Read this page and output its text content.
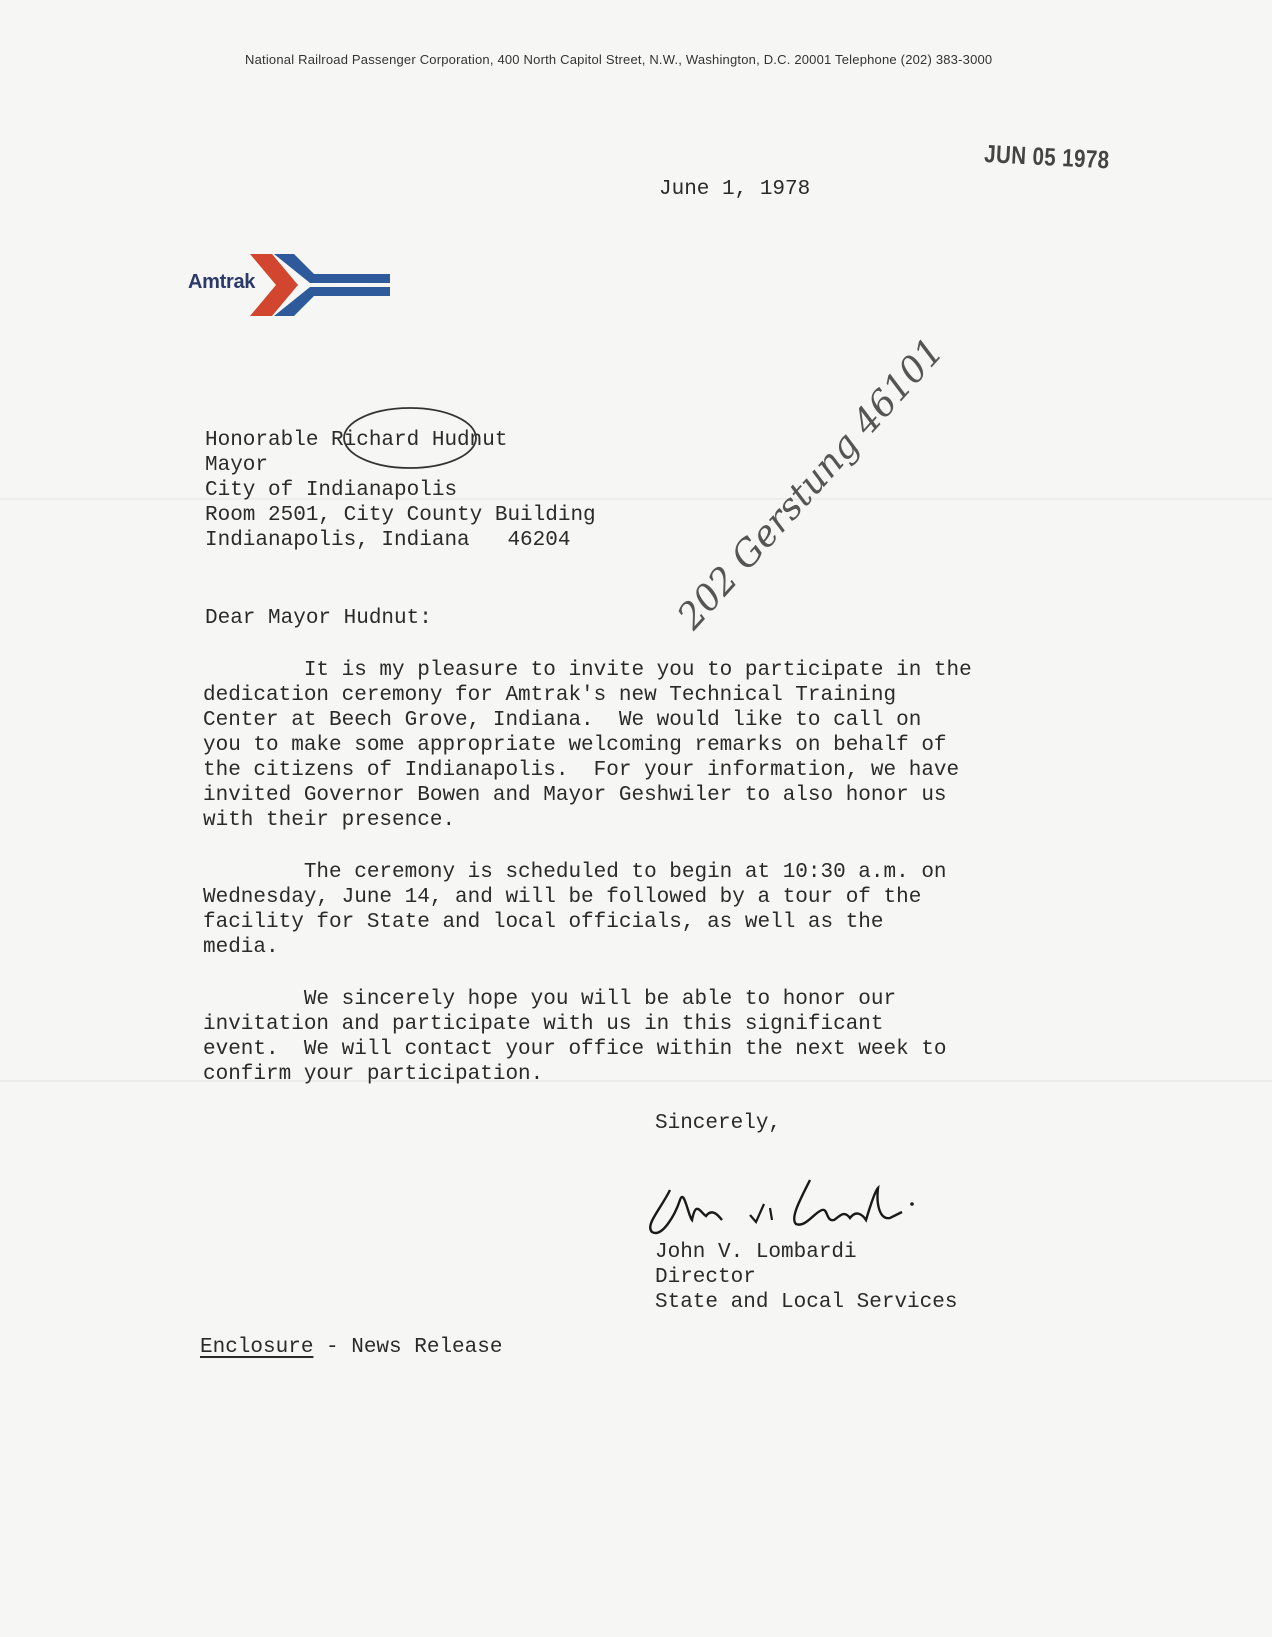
National Railroad Passenger Corporation, 400 North Capitol Street, N.W., Washington, D.C. 20001 Telephone (202) 383-3000
JUN 05 1978
June 1, 1978
Amtrak
Honorable Richard Hudnut
Mayor
City of Indianapolis
Room 2501, City County Building
Indianapolis, Indiana   46204	202 Gerstung 46101
Dear Mayor Hudnut:
It is my pleasure to invite you to participate in the
dedication ceremony for Amtrak's new Technical Training
Center at Beech Grove, Indiana.  We would like to call on
you to make some appropriate welcoming remarks on behalf of
the citizens of Indianapolis.  For your information, we have
invited Governor Bowen and Mayor Geshwiler to also honor us
with their presence.
The ceremony is scheduled to begin at 10:30 a.m. on
Wednesday, June 14, and will be followed by a tour of the
facility for State and local officials, as well as the
media.
We sincerely hope you will be able to honor our
invitation and participate with us in this significant
event.  We will contact your office within the next week to
confirm your participation.
Sincerely,
John V. Lombardi
Director
State and Local Services
Enclosure - News Release
